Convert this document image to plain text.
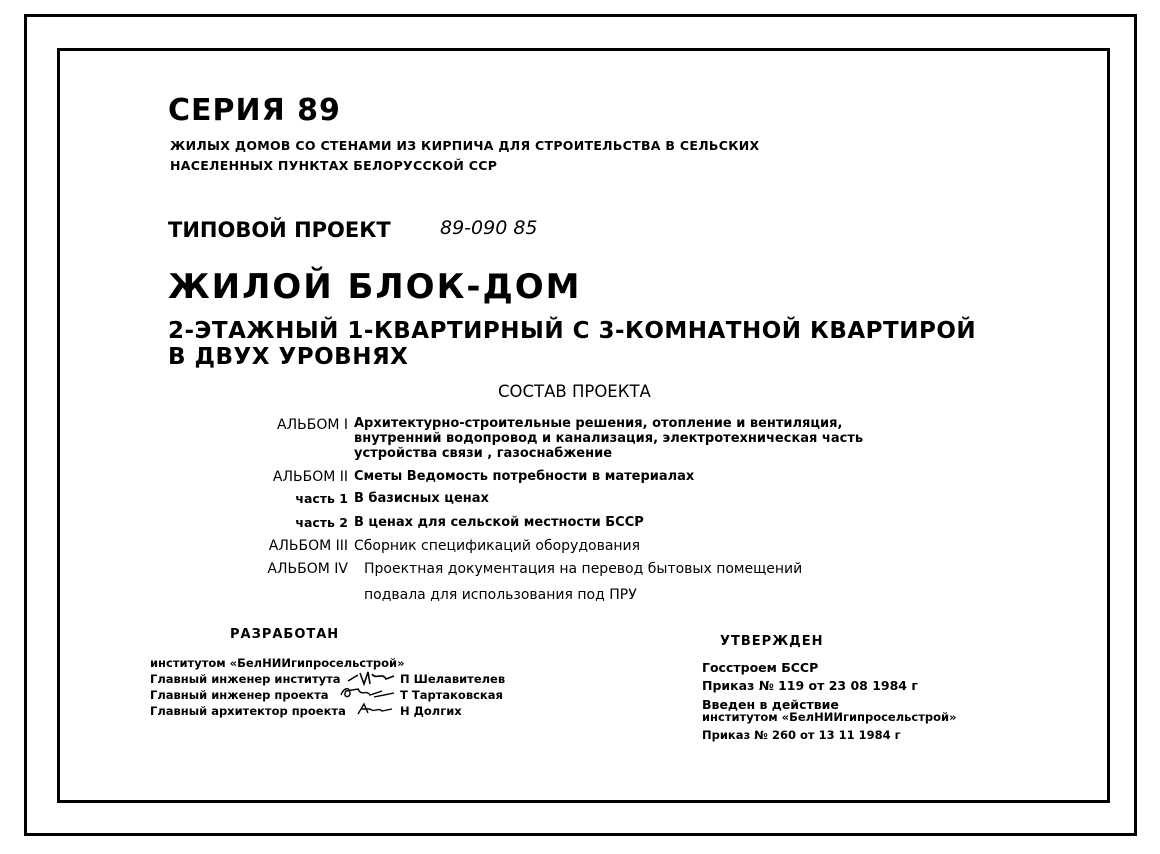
СЕРИЯ 89
ЖИЛЫХ ДОМОВ СО СТЕНАМИ ИЗ КИРПИЧА ДЛЯ СТРОИТЕЛЬСТВА В СЕЛЬСКИХ
НАСЕЛЕННЫХ ПУНКТАХ БЕЛОРУССКОЙ ССР
ТИПОВОЙ ПРОЕКТ	89-090 85
ЖИЛОЙ БЛОК-ДОМ
2-ЭТАЖНЫЙ 1-КВАРТИРНЫЙ С 3-КОМНАТНОЙ КВАРТИРОЙ
В ДВУХ УРОВНЯХ
СОСТАВ ПРОЕКТА
АЛЬБОМ I Архитектурно-строительные решения, отопление и вентиляция,
внутренний водопровод и канализация, электротехническая часть
устройства связи , газоснабжение
АЛЬБОМ II Сметы Ведомость потребности в материалах
часть 1 В базисных ценах
часть 2 В ценах для сельской местности БССР
АЛЬБОМ III Сборник спецификаций оборудования
АЛЬБОМ IV Проектная документация на перевод бытовых помещений
подвала для использования под ПРУ
РАЗРАБОТАН
институтом «БелНИИгипросельстрой»
Главный инженер института	П Шелавителев
Главный инженер проекта	Т Тартаковская
Главный архитектор проекта	Н Долгих
УТВЕРЖДЕН
Госстроем БССР
Приказ № 119 от 23 08 1984 г
Введен в действие
институтом «БелНИИгипросельстрой»
Приказ № 260 от 13 11 1984 г
